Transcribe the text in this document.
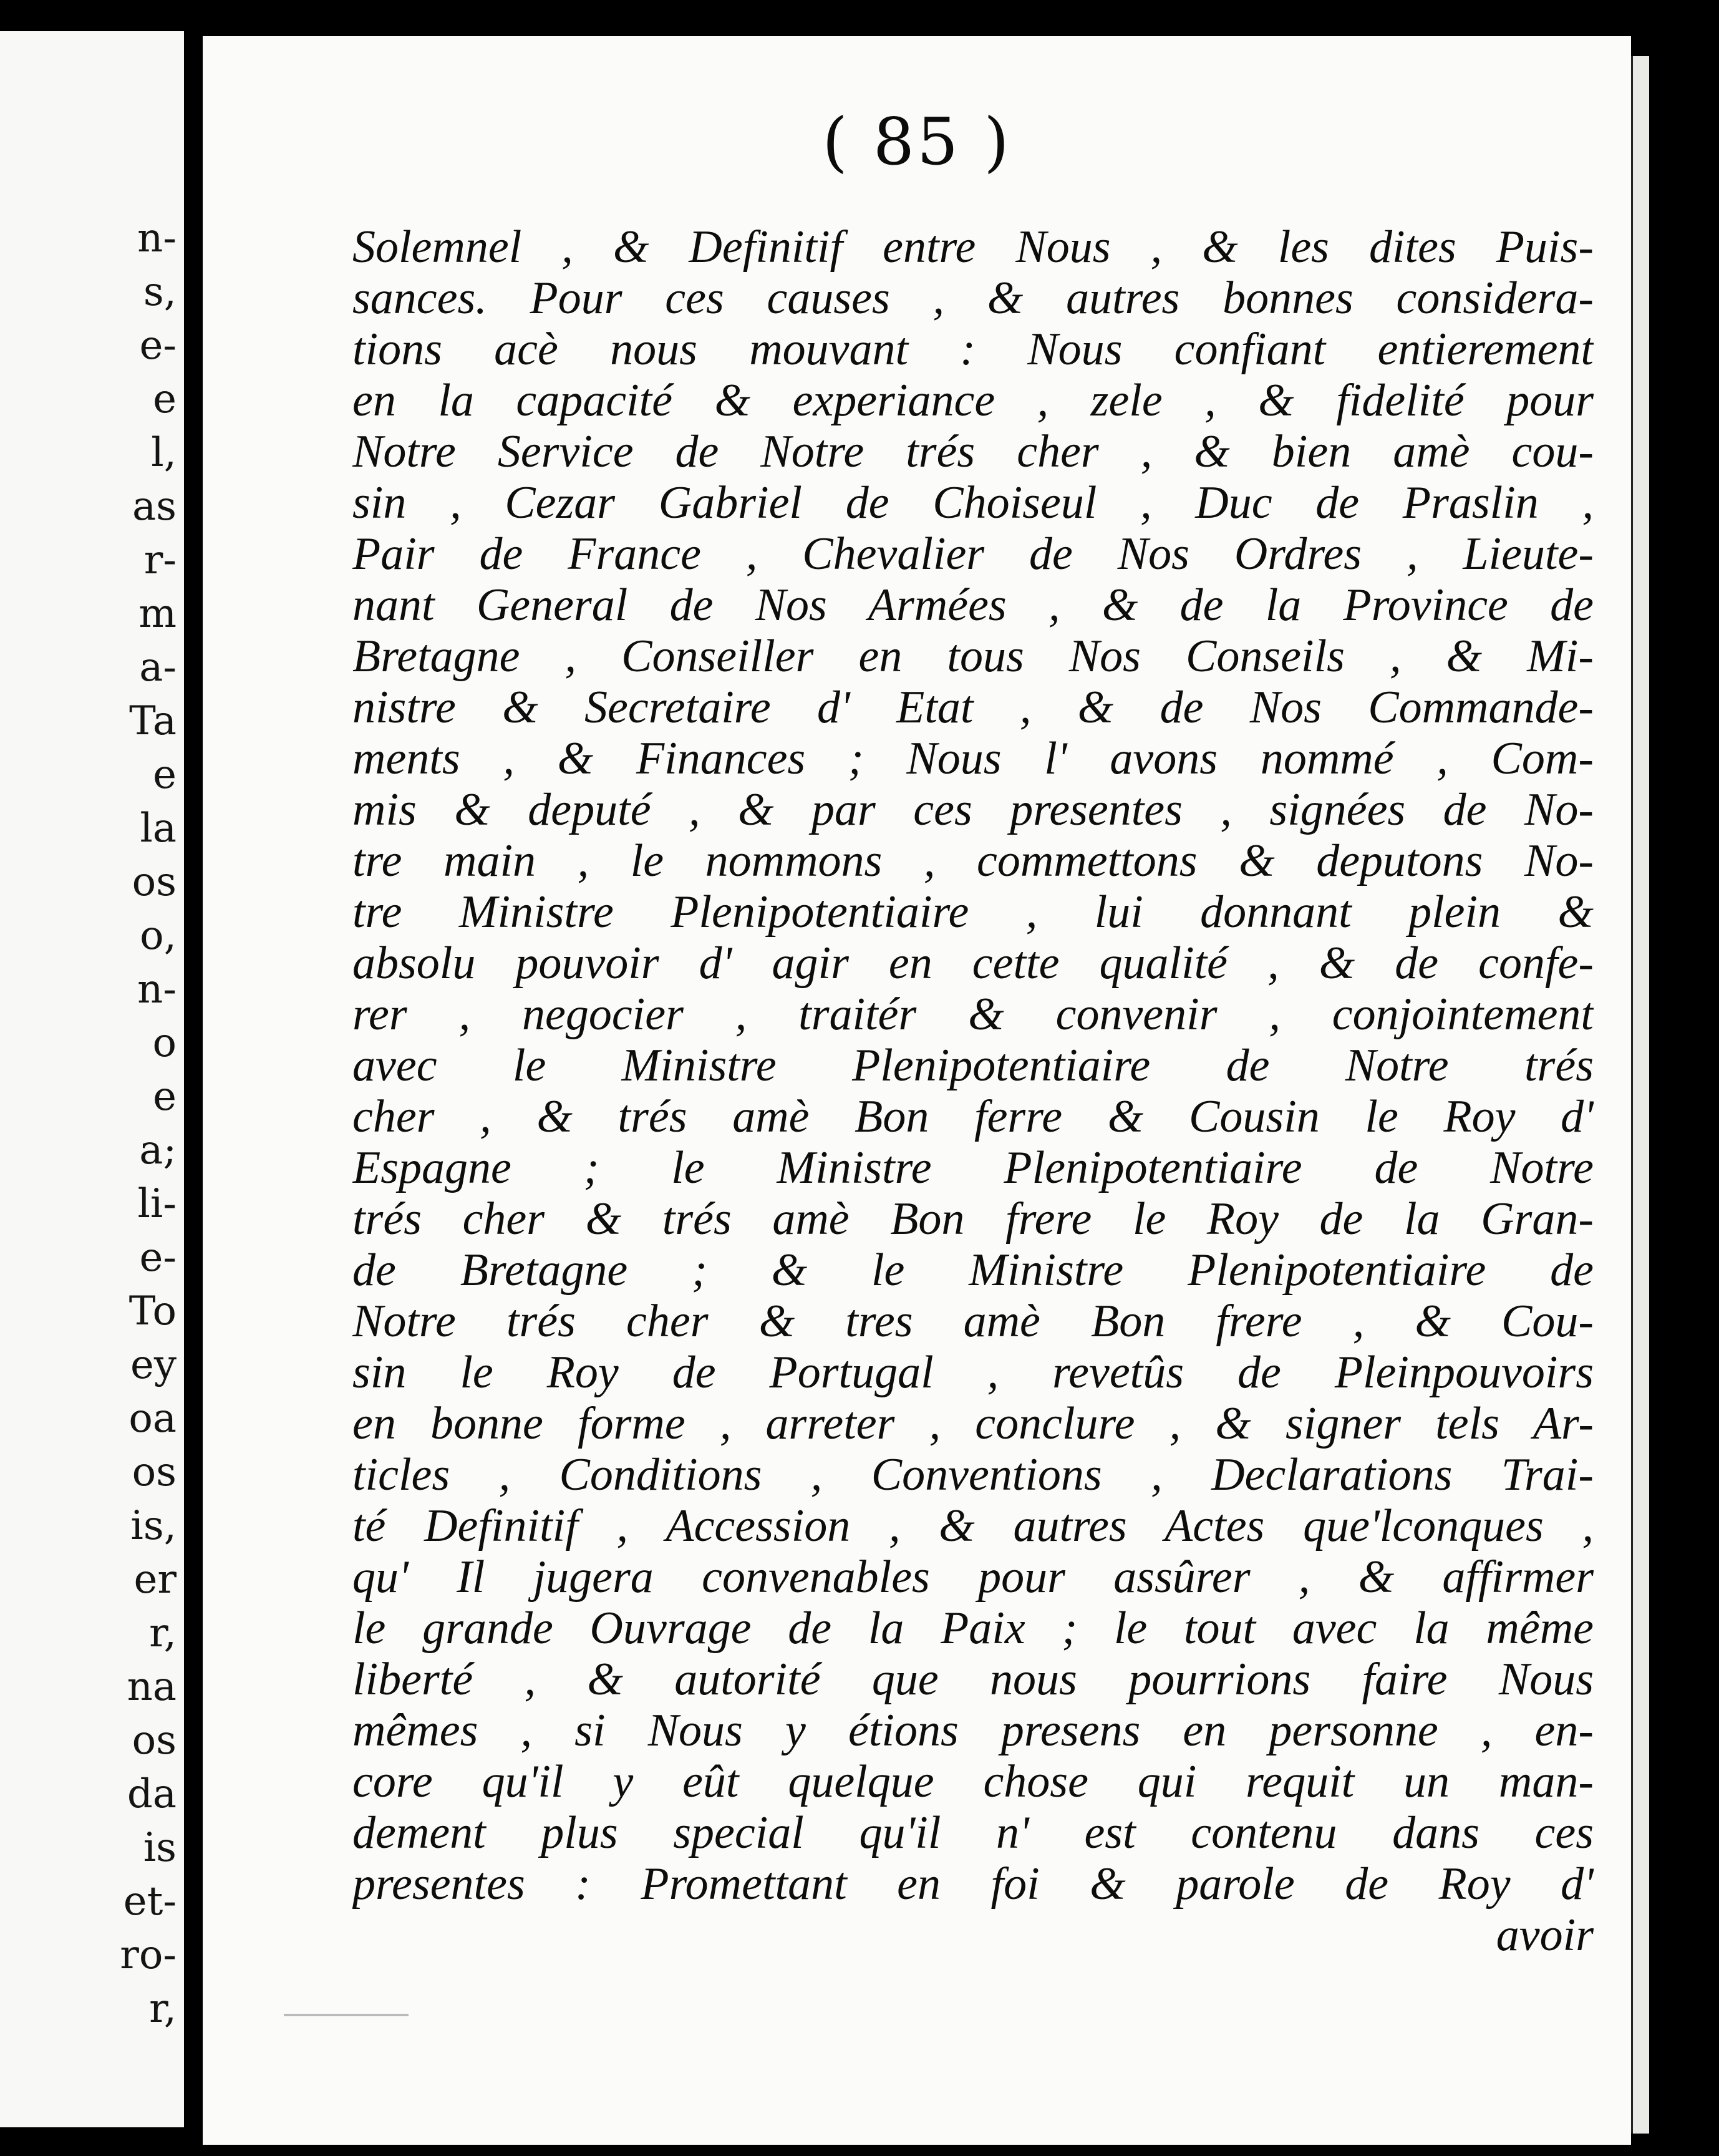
n-
s,
e-
e
l,
as
r-
m
a-
Ta
e
la
os
o,
n-
o
e
a;
li-
e-
To
ey
oa
os
is,
er
r,
na
os
da
is
et-
ro-
r,
( 85 )
Solemnel , & Definitif entre Nous , & les dites Puis-
sances. Pour ces causes , & autres bonnes considera-
tions acè nous mouvant : Nous confiant entierement
en la capacité & experiance , zele , & fidelité pour
Notre Service de Notre trés cher , & bien amè cou-
sin , Cezar Gabriel de Choiseul , Duc de Praslin ,
Pair de France , Chevalier de Nos Ordres , Lieute-
nant General de Nos Armées , & de la Province de
Bretagne , Conseiller en tous Nos Conseils , & Mi-
nistre & Secretaire d' Etat , & de Nos Commande-
ments , & Finances ; Nous l' avons nommé , Com-
mis & deputé , & par ces presentes , signées de No-
tre main , le nommons , commettons & deputons No-
tre Ministre Plenipotentiaire , lui donnant plein &
absolu pouvoir d' agir en cette qualité , & de confe-
rer , negocier , traitér & convenir , conjointement
avec le Ministre Plenipotentiaire de Notre trés
cher , & trés amè Bon ferre & Cousin le Roy d'
Espagne ; le Ministre Plenipotentiaire de Notre
trés cher & trés amè Bon frere le Roy de la Gran-
de Bretagne ; & le Ministre Plenipotentiaire de
Notre trés cher & tres amè Bon frere , & Cou-
sin le Roy de Portugal , revetûs de Pleinpouvoirs
en bonne forme , arreter , conclure , & signer tels Ar-
ticles , Conditions , Conventions , Declarations Trai-
té Definitif , Accession , & autres Actes que'lconques ,
qu' Il jugera convenables pour assûrer , & affirmer
le grande Ouvrage de la Paix ; le tout avec la même
liberté , & autorité que nous pourrions faire Nous
mêmes , si Nous y étions presens en personne , en-
core qu'il y eût quelque chose qui requit un man-
dement plus special qu'il n' est contenu dans ces
presentes : Promettant en foi & parole de Roy d'
avoir
